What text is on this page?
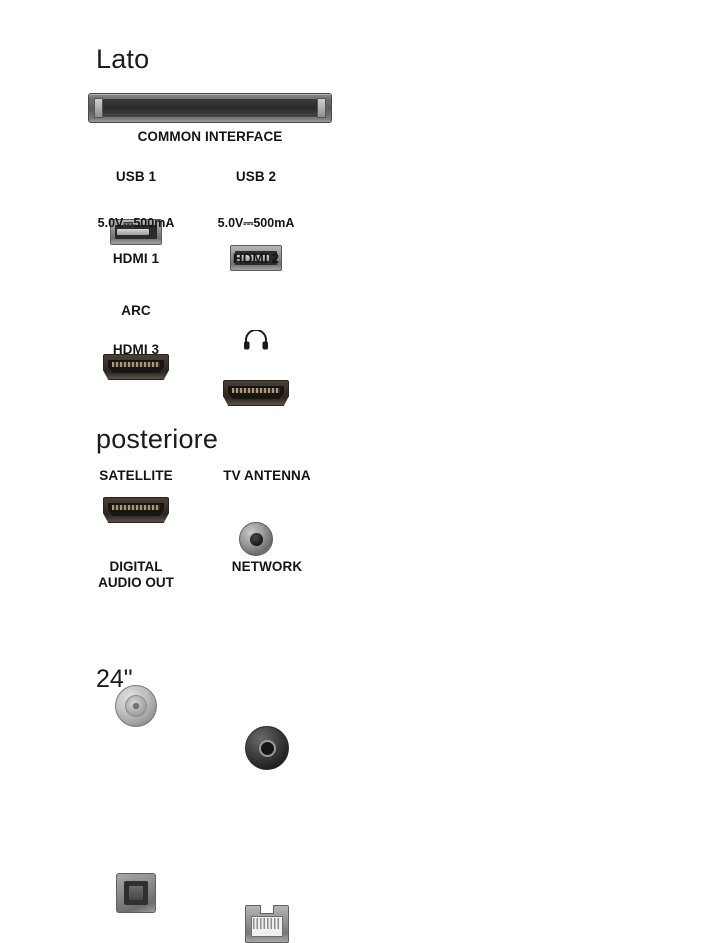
Lato
COMMON INTERFACE
USB 1
5.0V⎓500mA
USB 2
5.0V⎓500mA
HDMI 1
ARC
HDMI 2
HDMI 3
posteriore
SATELLITE	TV ANTENNA
DIGITAL
AUDIO OUT
NETWORK
24"
